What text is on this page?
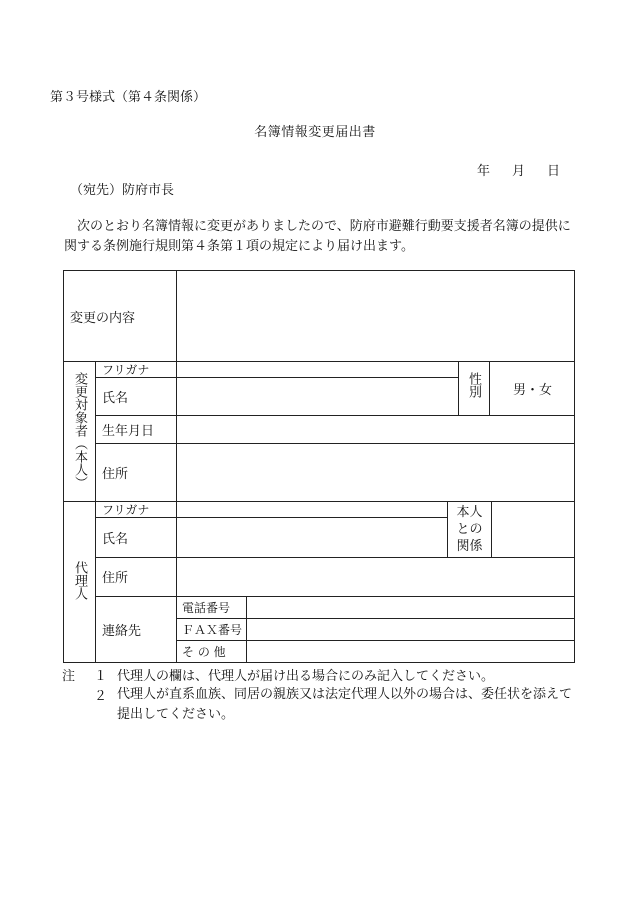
第３号様式（第４条関係）
名簿情報変更届出書
年 月 日
（宛先）防府市長
次のとおり名簿情報に変更がありましたので、防府市避難行動要支援者名簿の提供に関する条例施行規則第４条第１項の規定により届け出ます。
変更の内容
変更対象者（本人）
フリガナ
氏名	性別	男・女
生年月日
住所
代理人
フリガナ
氏名
本人との関係
住所
連絡先
電話番号
ＦＡＸ番号
そ の 他
注 １ 代理人の欄は、代理人が届け出る場合にのみ記入してください。
２ 代理人が直系血族、同居の親族又は法定代理人以外の場合は、委任状を添えて提出してください。
